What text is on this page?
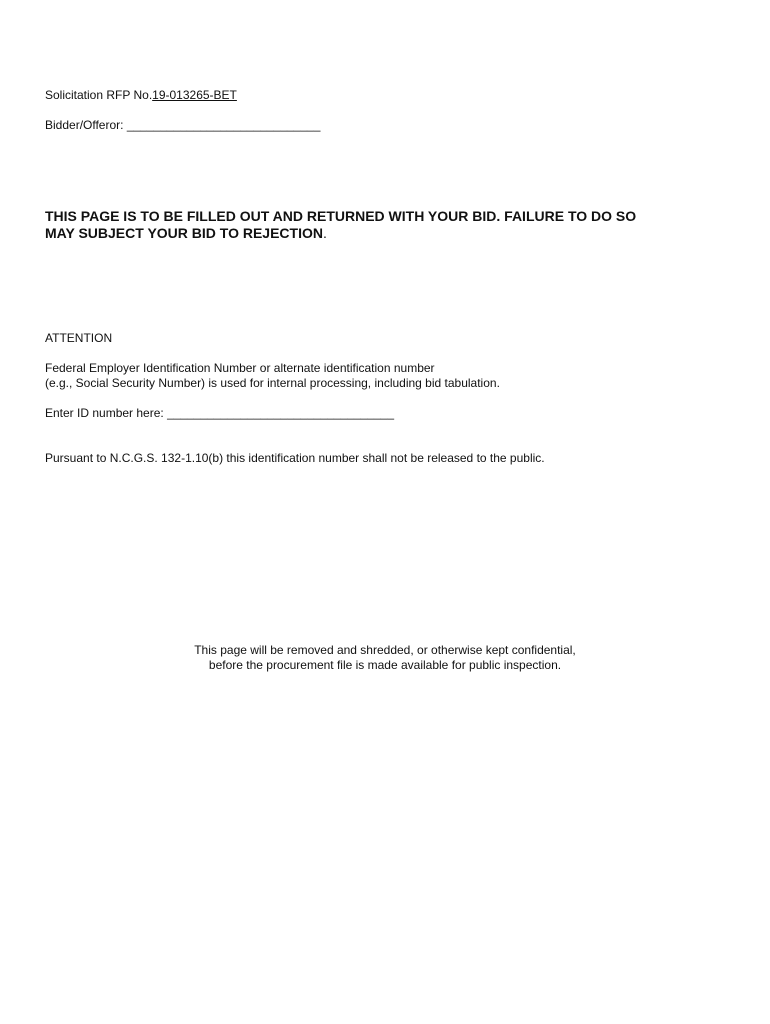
Solicitation RFP No.19-013265-BET
Bidder/Offeror: _____________________________
THIS PAGE IS TO BE FILLED OUT AND RETURNED WITH YOUR BID. FAILURE TO DO SO
MAY SUBJECT YOUR BID TO REJECTION.
ATTENTION
Federal Employer Identification Number or alternate identification number
(e.g., Social Security Number) is used for internal processing, including bid tabulation.
Enter ID number here: __________________________________
Pursuant to N.C.G.S. 132-1.10(b) this identification number shall not be released to the public.
This page will be removed and shredded, or otherwise kept confidential,
before the procurement file is made available for public inspection.
